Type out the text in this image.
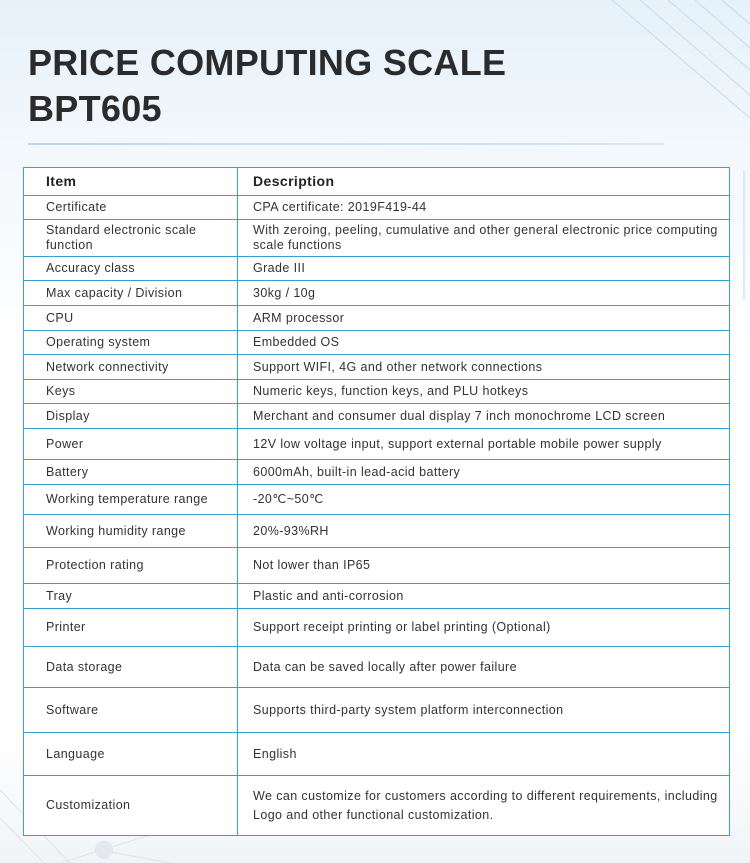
PRICE COMPUTING SCALE
BPT605
Item	Description
Certificate	CPA certificate: 2019F419-44
Standard electronic scale function	With zeroing, peeling, cumulative and other general electronic price computing scale functions
Accuracy class	Grade III
Max capacity / Division	30kg / 10g
CPU	ARM processor
Operating system	Embedded OS
Network connectivity	Support WIFI, 4G and other network connections
Keys	Numeric keys, function keys, and PLU hotkeys
Display	Merchant and consumer dual display 7 inch monochrome LCD screen
Power	12V low voltage input, support external portable mobile power supply
Battery	6000mAh, built-in lead-acid battery
Working temperature range	-20℃~50℃
Working humidity range	20%-93%RH
Protection rating	Not lower than IP65
Tray	Plastic and anti-corrosion
Printer	Support receipt printing or label printing (Optional)
Data storage	Data can be saved locally after power failure
Software	Supports third-party system platform interconnection
Language	English
Customization	We can customize for customers according to different requirements, including Logo and other functional customization.
